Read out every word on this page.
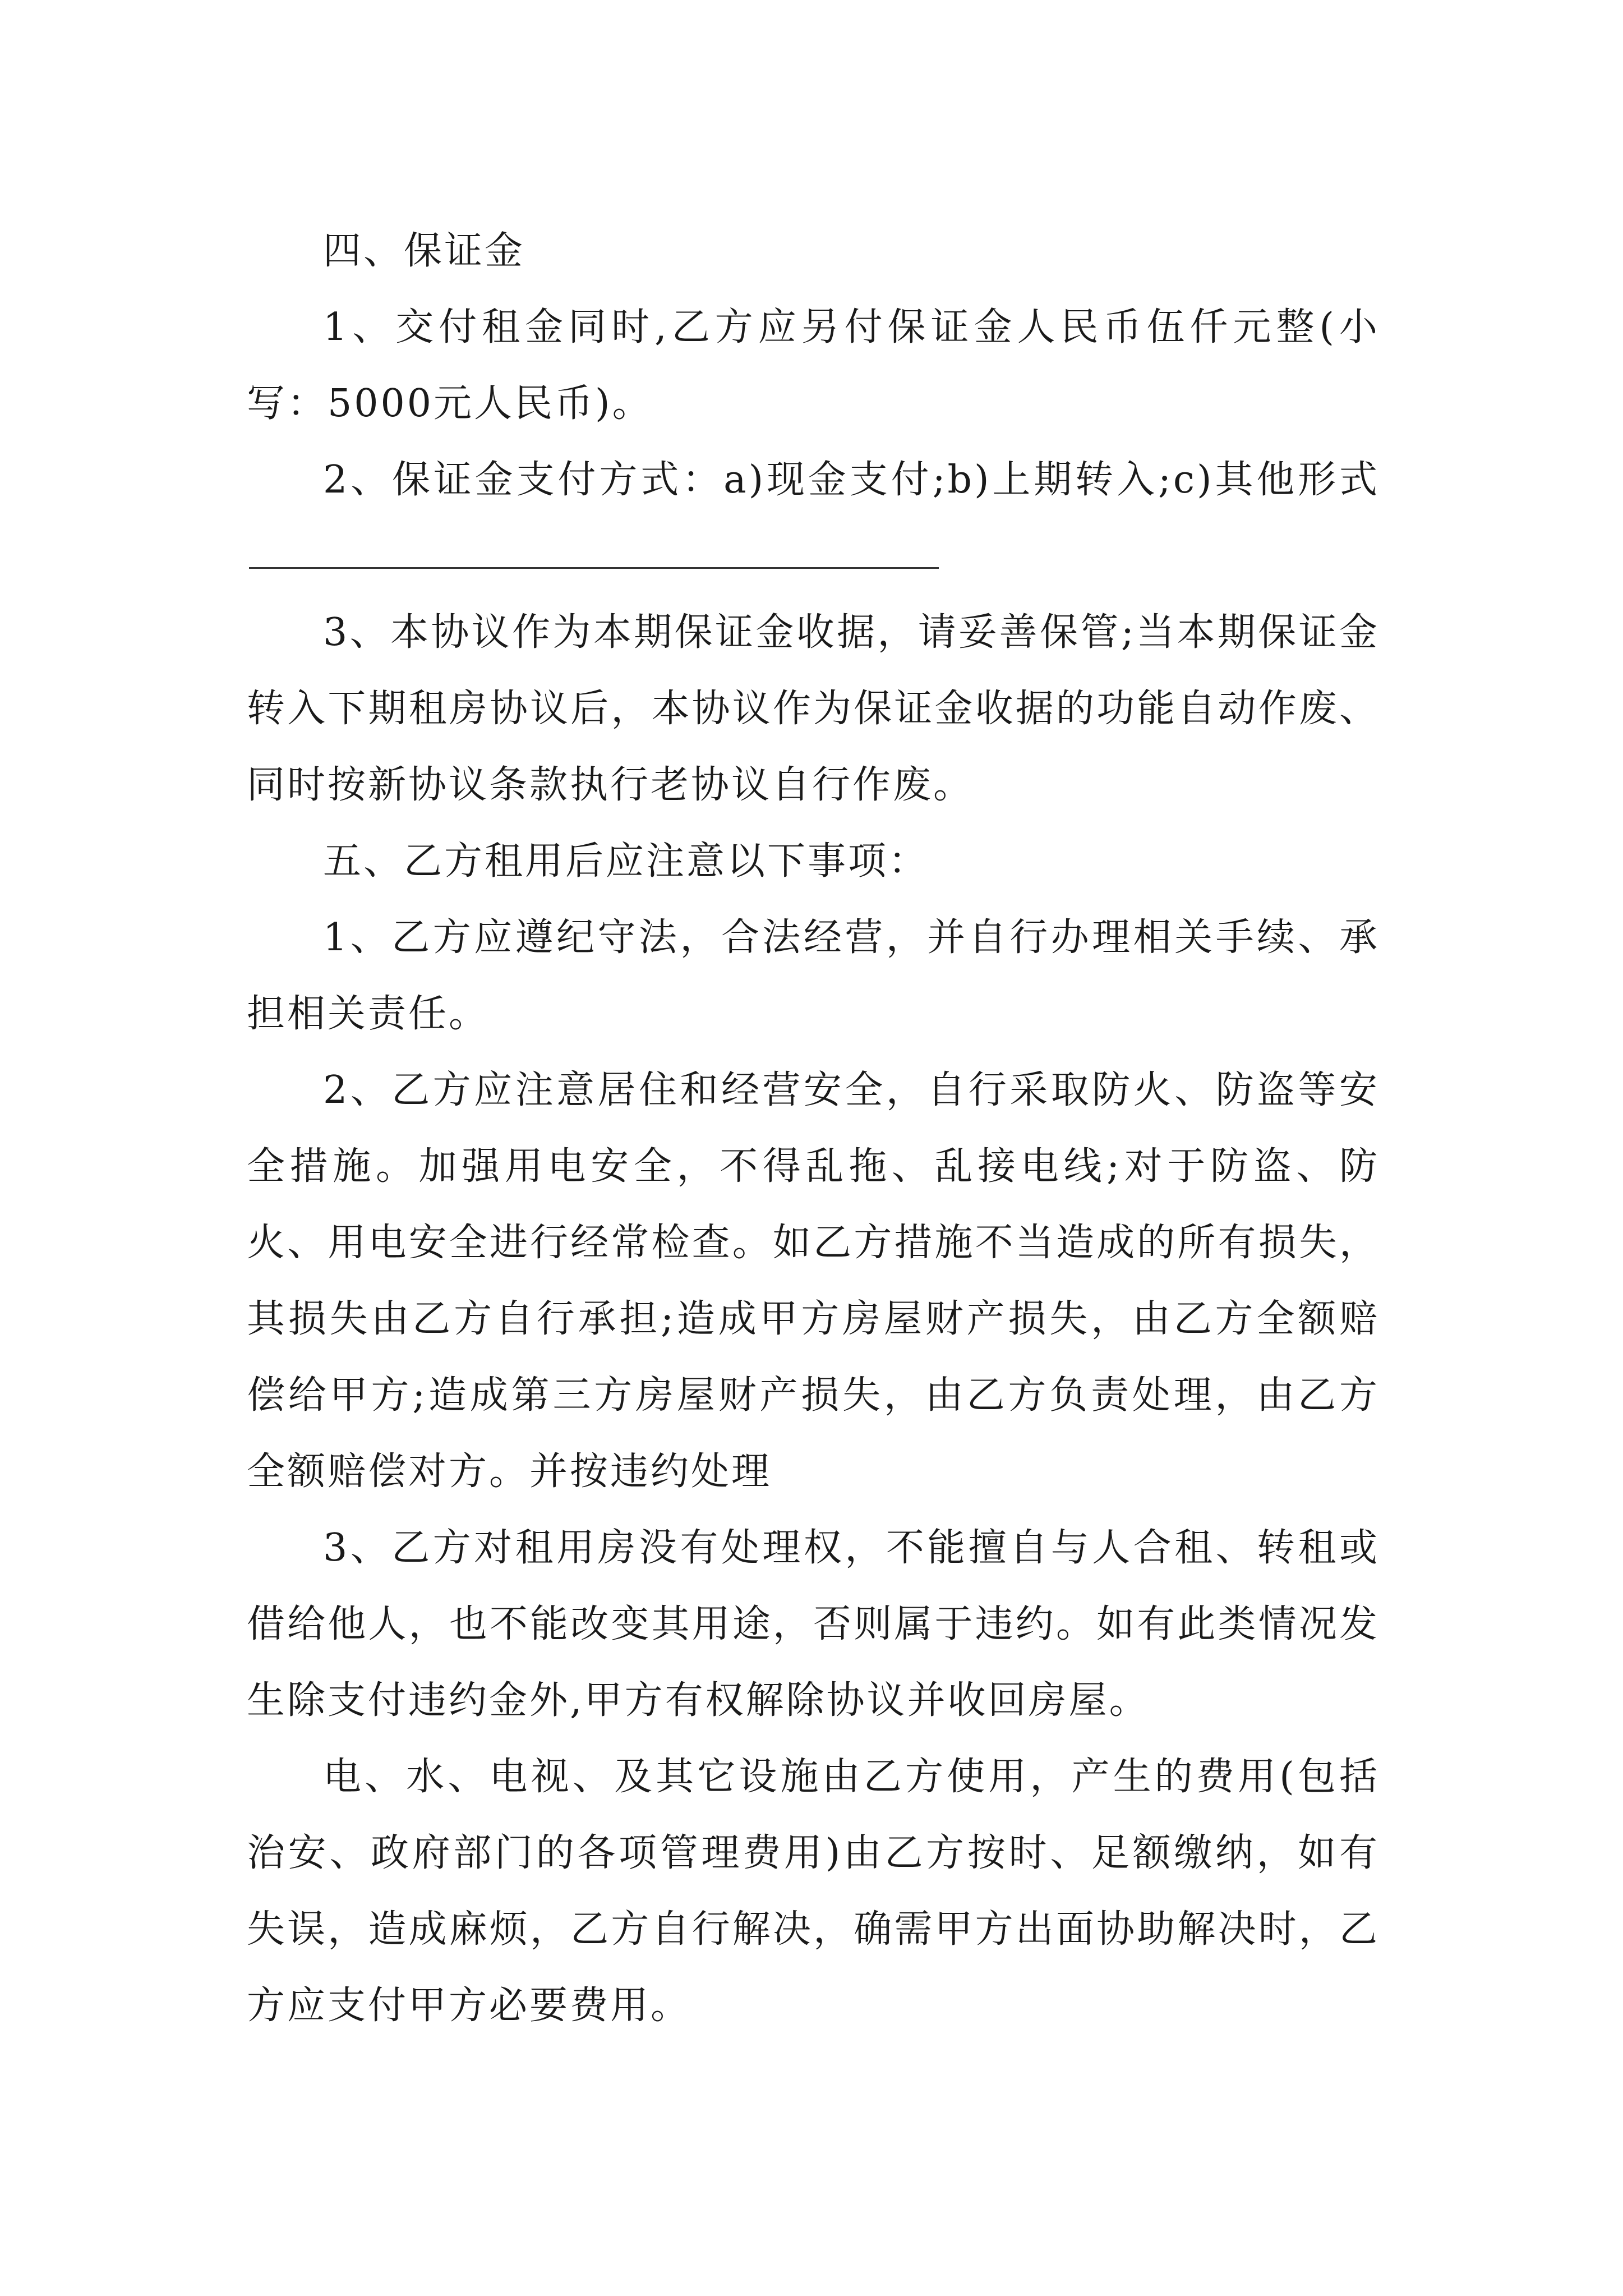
四、保证金

1、交付租金同时,乙方应另付保证金人民币伍仟元整(小写：5000元人民币)。

2、保证金支付方式：a)现金支付;b)上期转入;c)其他形式

3、本协议作为本期保证金收据，请妥善保管;当本期保证金转入下期租房协议后，本协议作为保证金收据的功能自动作废、同时按新协议条款执行老协议自行作废。

五、乙方租用后应注意以下事项：

1、乙方应遵纪守法，合法经营，并自行办理相关手续、承担相关责任。

2、乙方应注意居住和经营安全，自行采取防火、防盗等安全措施。加强用电安全，不得乱拖、乱接电线;对于防盗、防火、用电安全进行经常检查。如乙方措施不当造成的所有损失，其损失由乙方自行承担;造成甲方房屋财产损失，由乙方全额赔偿给甲方;造成第三方房屋财产损失，由乙方负责处理，由乙方全额赔偿对方。并按违约处理

3、乙方对租用房没有处理权，不能擅自与人合租、转租或借给他人，也不能改变其用途，否则属于违约。如有此类情况发生除支付违约金外,甲方有权解除协议并收回房屋。

电、水、电视、及其它设施由乙方使用，产生的费用(包括治安、政府部门的各项管理费用)由乙方按时、足额缴纳，如有失误，造成麻烦，乙方自行解决，确需甲方出面协助解决时，乙方应支付甲方必要费用。
